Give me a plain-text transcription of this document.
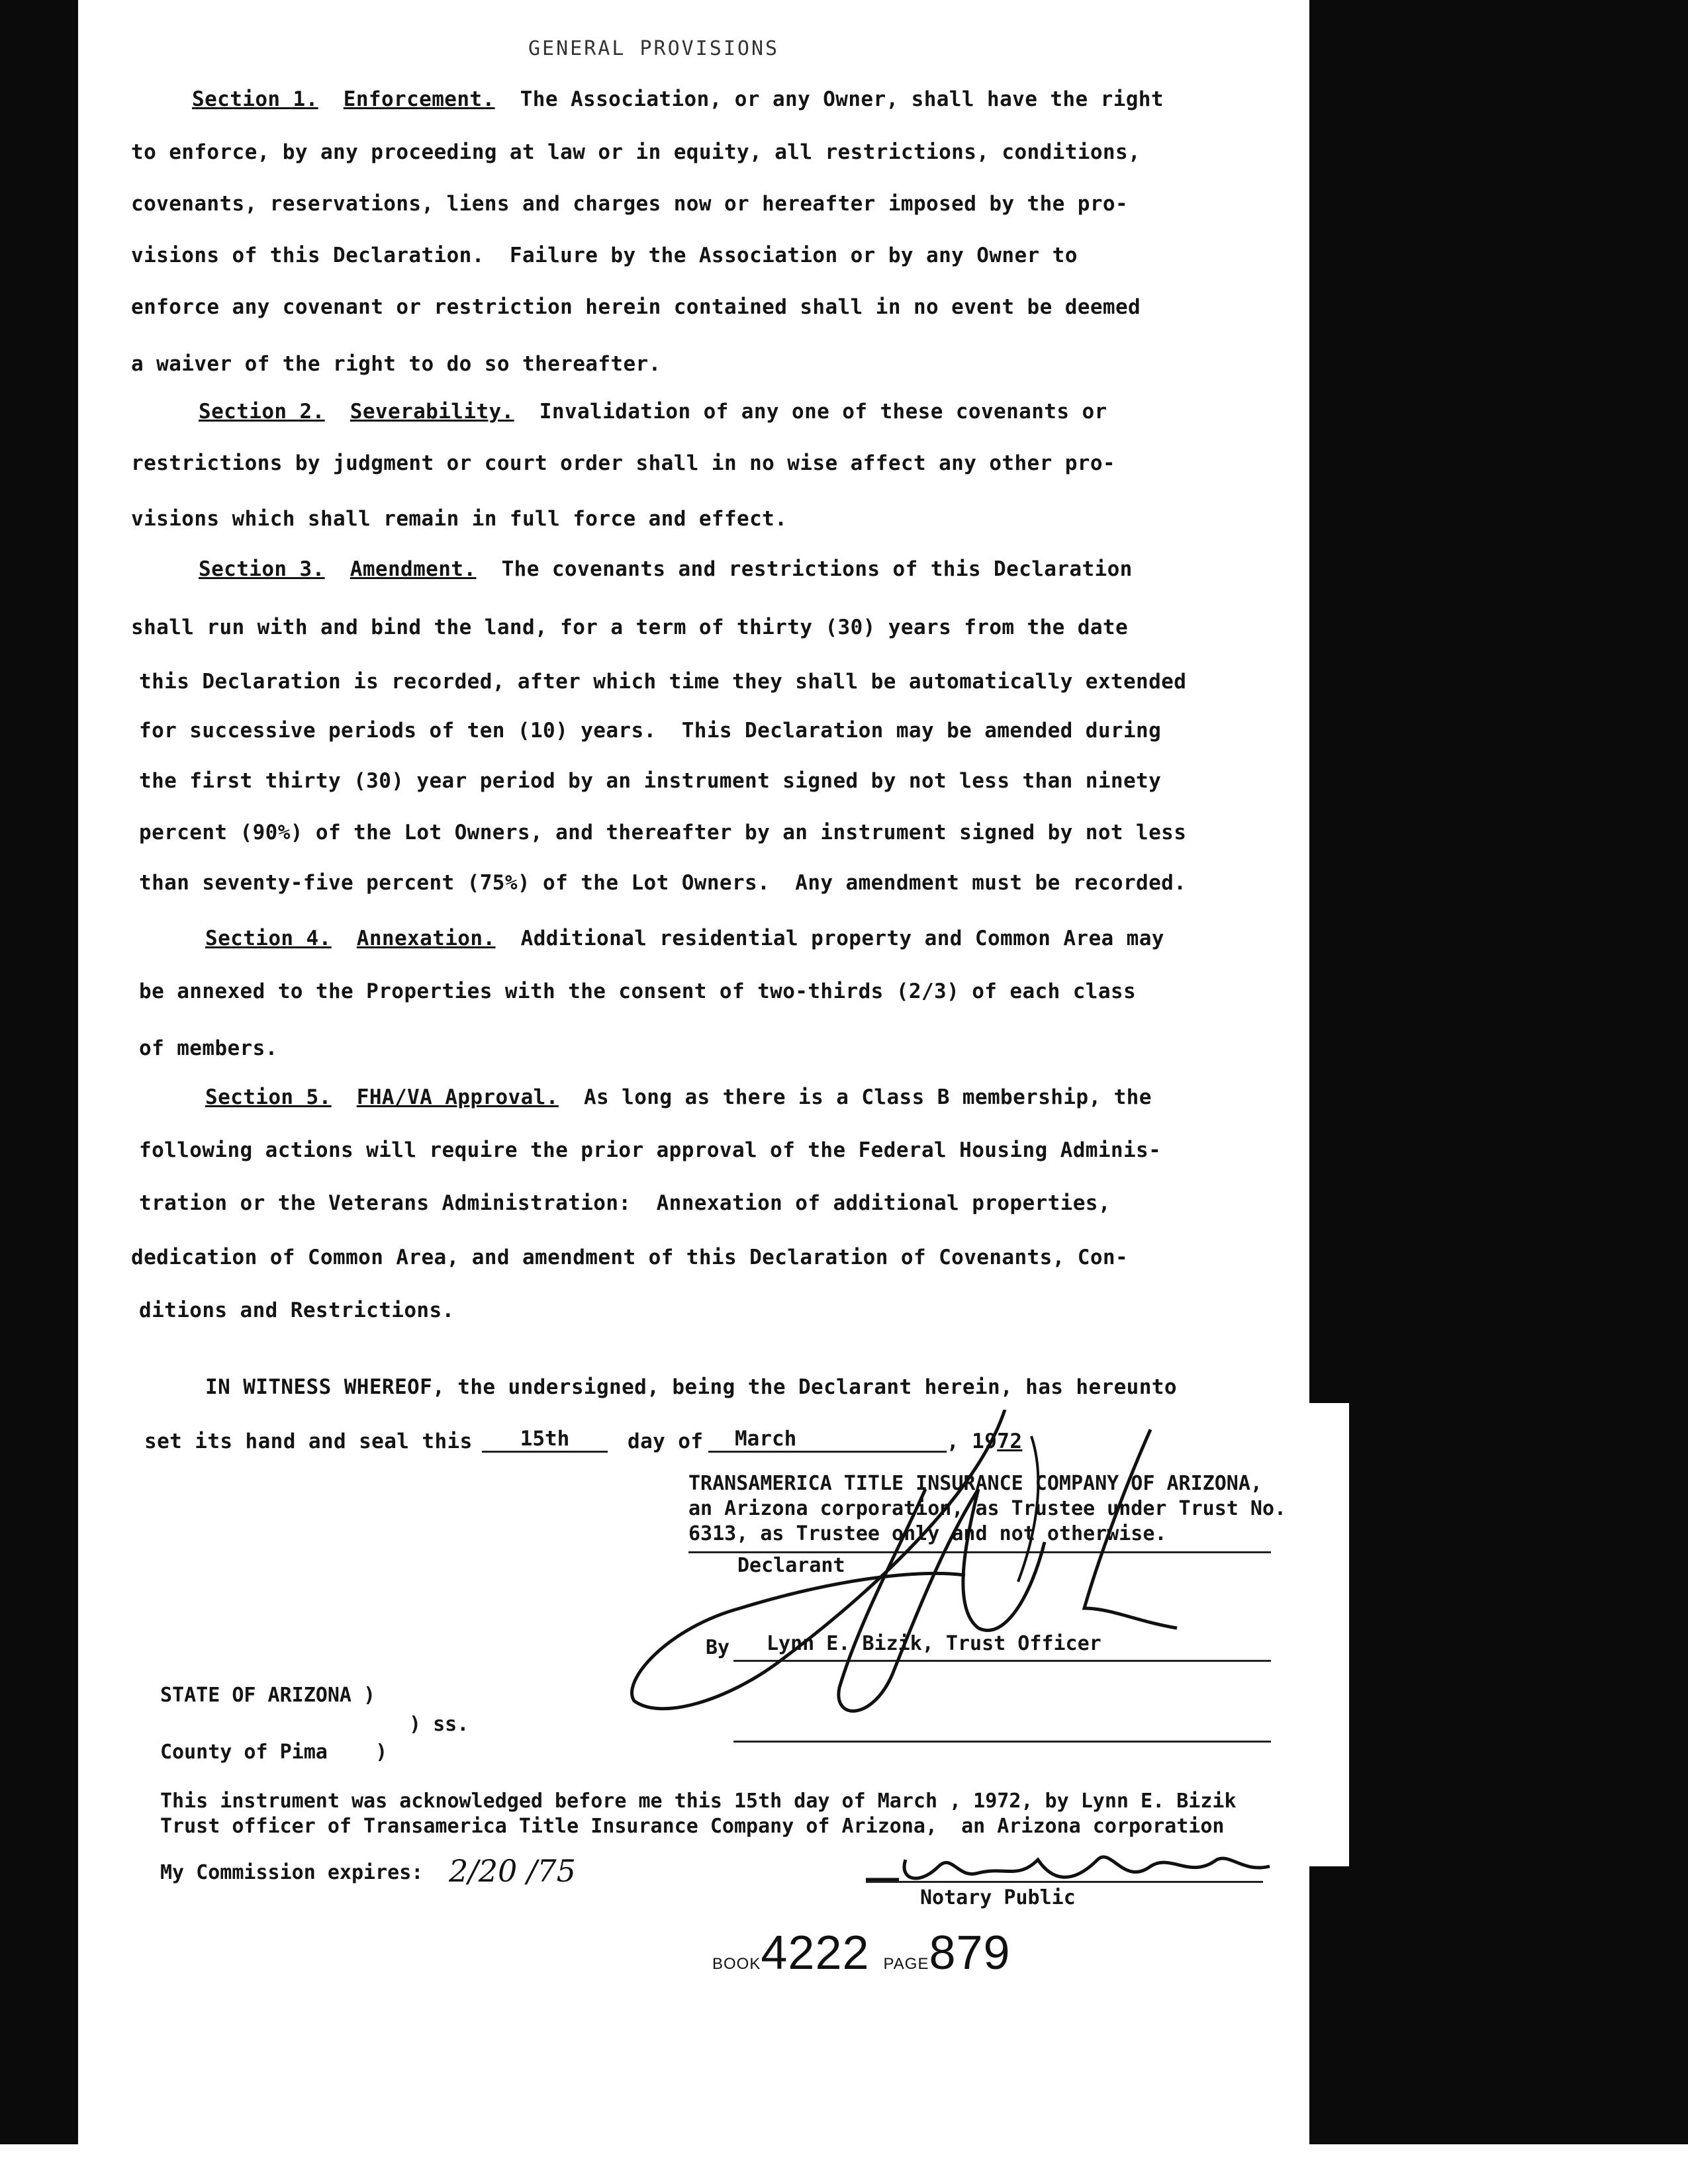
GENERAL PROVISIONS
Section 1. Enforcement. The Association, or any Owner, shall have the right
to enforce, by any proceeding at law or in equity, all restrictions, conditions,
covenants, reservations, liens and charges now or hereafter imposed by the pro-
visions of this Declaration.  Failure by the Association or by any Owner to
enforce any covenant or restriction herein contained shall in no event be deemed
a waiver of the right to do so thereafter.
Section 2. Severability. Invalidation of any one of these covenants or
restrictions by judgment or court order shall in no wise affect any other pro-
visions which shall remain in full force and effect.
Section 3. Amendment. The covenants and restrictions of this Declaration
shall run with and bind the land, for a term of thirty (30) years from the date
this Declaration is recorded, after which time they shall be automatically extended
for successive periods of ten (10) years.  This Declaration may be amended during
the first thirty (30) year period by an instrument signed by not less than ninety
percent (90%) of the Lot Owners, and thereafter by an instrument signed by not less
than seventy-five percent (75%) of the Lot Owners.  Any amendment must be recorded.
Section 4. Annexation. Additional residential property and Common Area may
be annexed to the Properties with the consent of two-thirds (2/3) of each class
of members.
Section 5. FHA/VA Approval. As long as there is a Class B membership, the
following actions will require the prior approval of the Federal Housing Adminis-
tration or the Veterans Administration:  Annexation of additional properties,
dedication of Common Area, and amendment of this Declaration of Covenants, Con-
ditions and Restrictions.
IN WITNESS WHEREOF, the undersigned, being the Declarant herein, has hereunto
set its hand and seal this	15th	day of	March	, 1972
TRANSAMERICA TITLE INSURANCE COMPANY OF ARIZONA,
an Arizona corporation, as Trustee under Trust No.
6313, as Trustee only and not otherwise.
Declarant
By Lynn E. Bizik, Trust Officer
STATE OF ARIZONA )
) ss.
County of Pima    )
This instrument was acknowledged before me this 15th day of March , 1972, by Lynn E. Bizik
Trust officer of Transamerica Title Insurance Company of Arizona,  an Arizona corporation
My Commission expires: 2/20 /75
Notary Public
BOOK4222 PAGE879
